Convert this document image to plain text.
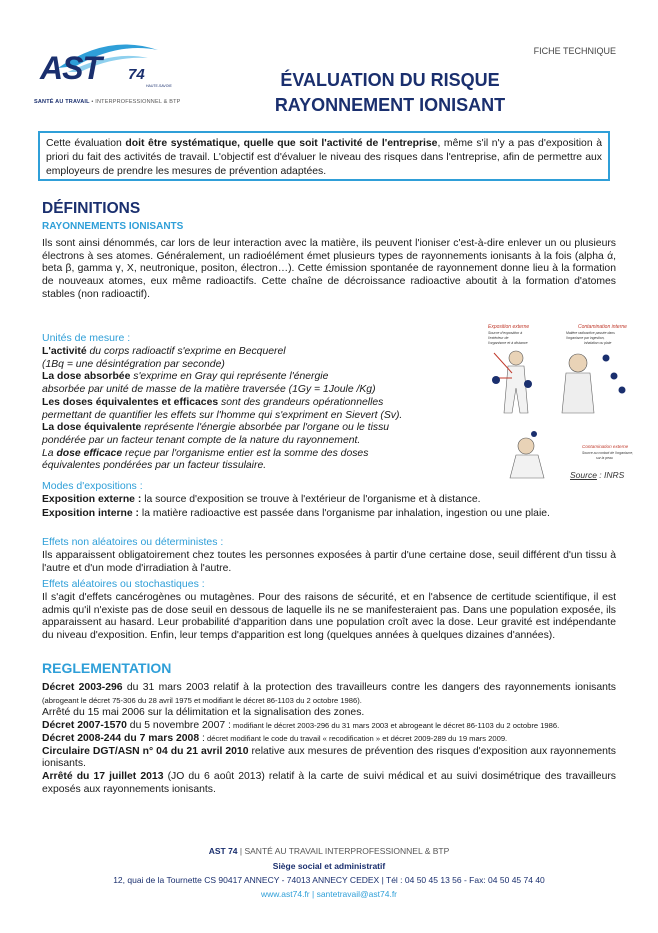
AST 74
HAUTE-SAVOIE
SANTÉ AU TRAVAIL • INTERPROFESSIONNEL & BTP
FICHE TECHNIQUE
ÉVALUATION DU RISQUE
RAYONNEMENT IONISANT
Cette évaluation doit être systématique, quelle que soit l'activité de l'entreprise, même s'il n'y a pas d'exposition à priori du fait des activités de travail. L'objectif est d'évaluer le niveau des risques dans l'entreprise, afin de permettre aux employeurs de prendre les mesures de prévention adaptées.
DÉFINITIONS
RAYONNEMENTS IONISANTS
Ils sont ainsi dénommés, car lors de leur interaction avec la matière, ils peuvent l'ioniser c'est-à-dire enlever un ou plusieurs électrons à ses atomes. Généralement, un radioélément émet plusieurs types de rayonnements ionisants à la fois (alpha ά, beta β, gamma γ, X, neutronique, positon, électron…). Cette émission spontanée de rayonnement donne lieu à la formation de nouveaux atomes, eux même radioactifs. Cette chaîne de décroissance radioactive aboutit à la formation d'atomes stables (non radioactif).
Unités de mesure :
L'activité du corps radioactif s'exprime en Becquerel
(1Bq = une désintégration par seconde)
La dose absorbée s'exprime en Gray qui représente l'énergie
absorbée par unité de masse de la matière traversée (1Gy = 1Joule /Kg)
Les doses équivalentes et efficaces sont des grandeurs opérationnelles
permettant de quantifier les effets sur l'homme qui s'expriment en Sievert (Sv).
La dose équivalente représente l'énergie absorbée par l'organe ou le tissu
pondérée par un facteur tenant compte de la nature du rayonnement.
La dose efficace reçue par l'organisme entier est la somme des doses
équivalentes pondérées par un facteur tissulaire.
Exposition externe
Source d'exposition à
l'extérieur de
l'organisme et à distance
Contamination interne
Matière radioactive passée dans
l'organisme par ingestion,
inhalation ou plaie
Contamination externe
Source au contact de l'organisme,
sur la peau
Source : INRS
Modes d'expositions :
Exposition externe : la source d'exposition se trouve à l'extérieur de l'organisme et à distance.
Exposition interne : la matière radioactive est passée dans l'organisme par inhalation, ingestion ou une plaie.
Effets non aléatoires ou déterministes :
Ils apparaissent obligatoirement chez toutes les personnes exposées à partir d'une certaine dose, seuil différent d'un tissu à l'autre et d'un mode d'irradiation à l'autre.
Effets aléatoires ou stochastiques :
Il s'agit d'effets cancérogènes ou mutagènes. Pour des raisons de sécurité, et en l'absence de certitude scientifique, il est admis qu'il n'existe pas de dose seuil en dessous de laquelle ils ne se manifesteraient pas. Dans une population exposée, ils apparaissent au hasard. Leur probabilité d'apparition dans une population croît avec la dose. Leur gravité est indépendante du niveau d'exposition. Enfin, leur temps d'apparition est long (quelques années à quelques dizaines d'années).
REGLEMENTATION
Décret 2003-296 du 31 mars 2003 relatif à la protection des travailleurs contre les dangers des rayonnements ionisants (abrogeant le décret 75-306 du 28 avril 1975 et modifiant le décret 86-1103 du 2 octobre 1986).
Arrêté du 15 mai 2006 sur la délimitation et la signalisation des zones.
Décret 2007-1570 du 5 novembre 2007 : modifiant le décret 2003-296 du 31 mars 2003 et abrogeant le décret 86-1103 du 2 octobre 1986.
Décret 2008-244 du 7 mars 2008 : décret modifiant le code du travail « recodification » et décret 2009-289 du 19 mars 2009.
Circulaire DGT/ASN n° 04 du 21 avril 2010 relative aux mesures de prévention des risques d'exposition aux rayonnements ionisants.
Arrêté du 17 juillet 2013 (JO du 6 août 2013) relatif à la carte de suivi médical et au suivi dosimétrique des travailleurs exposés aux rayonnements ionisants.
AST 74 | SANTÉ AU TRAVAIL INTERPROFESSIONNEL & BTP
Siège social et administratif
12, quai de la Tournette CS 90417 ANNECY - 74013 ANNECY CEDEX | Tél : 04 50 45 13 56 - Fax: 04 50 45 74 40
www.ast74.fr | santetravail@ast74.fr
